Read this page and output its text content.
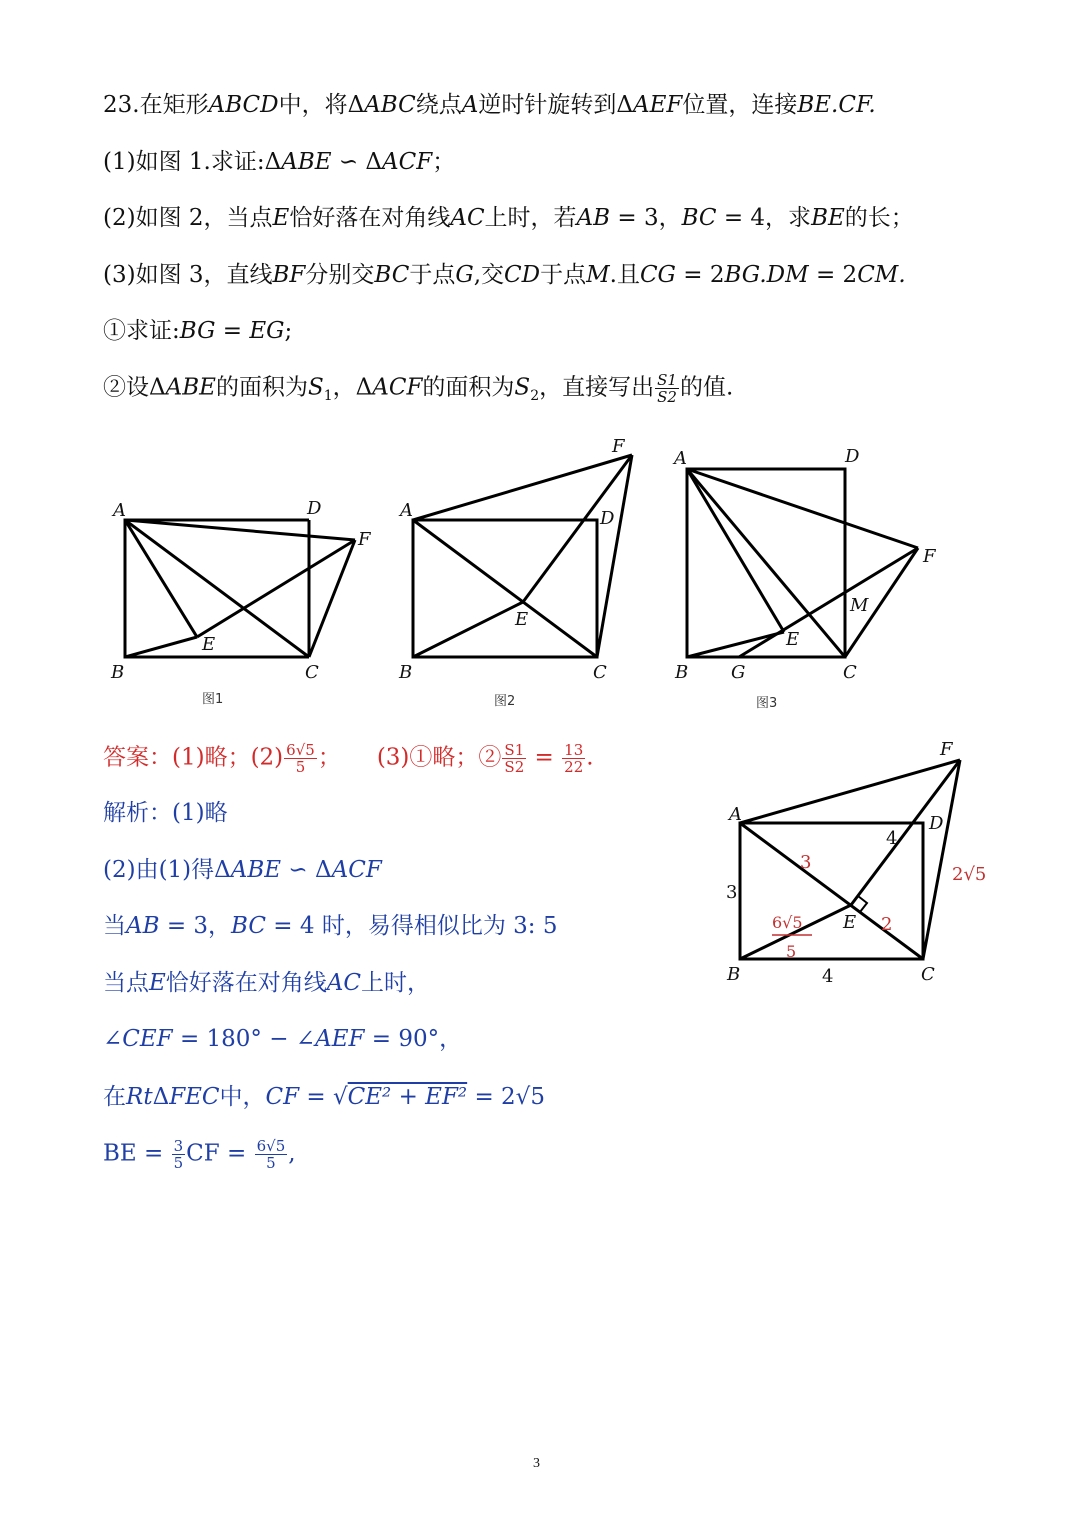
23.在矩形ABCD中，将ΔABC绕点A逆时针旋转到ΔAEF位置，连接BE.CF.
(1)如图 1.求证:ΔABE ∽ ΔACF；
(2)如图 2，当点E恰好落在对角线AC上时，若AB = 3，BC = 4，求BE的长；
(3)如图 3，直线BF分别交BC于点G,交CD于点M.且CG = 2BG.DM = 2CM.
①求证:BG = EG;
②设ΔABE的面积为$S_1$，ΔACF的面积为$S_2$，直接写出 $\frac{S1}{S2}$ 的值.
A	D
F
E
B	C
A
F
D
E
B	C
A	D
F
M
E
B G	C
A
F
D
E
B	C
3
4
3
4
2
2√5
6√5
5
图1	图2	图3
答案：(1)略；$(2) \frac{6√5}{5}$ ； (3)①略；② $\frac{S1}{S2} = \frac{13}{22}$ .
解析：(1)略
(2)由(1)得ΔABE ∽ ΔACF
当AB = 3，BC = 4 时，易得相似比为 3: 5
当点E恰好落在对角线AC上时，
∠CEF = 180° − ∠AEF = 90°，
在RtΔFEC中，CF = √CE² + EF² = 2√5
BE = $\frac{3}{5}$ CF = $\frac{6√5}{5}$ ,
3
